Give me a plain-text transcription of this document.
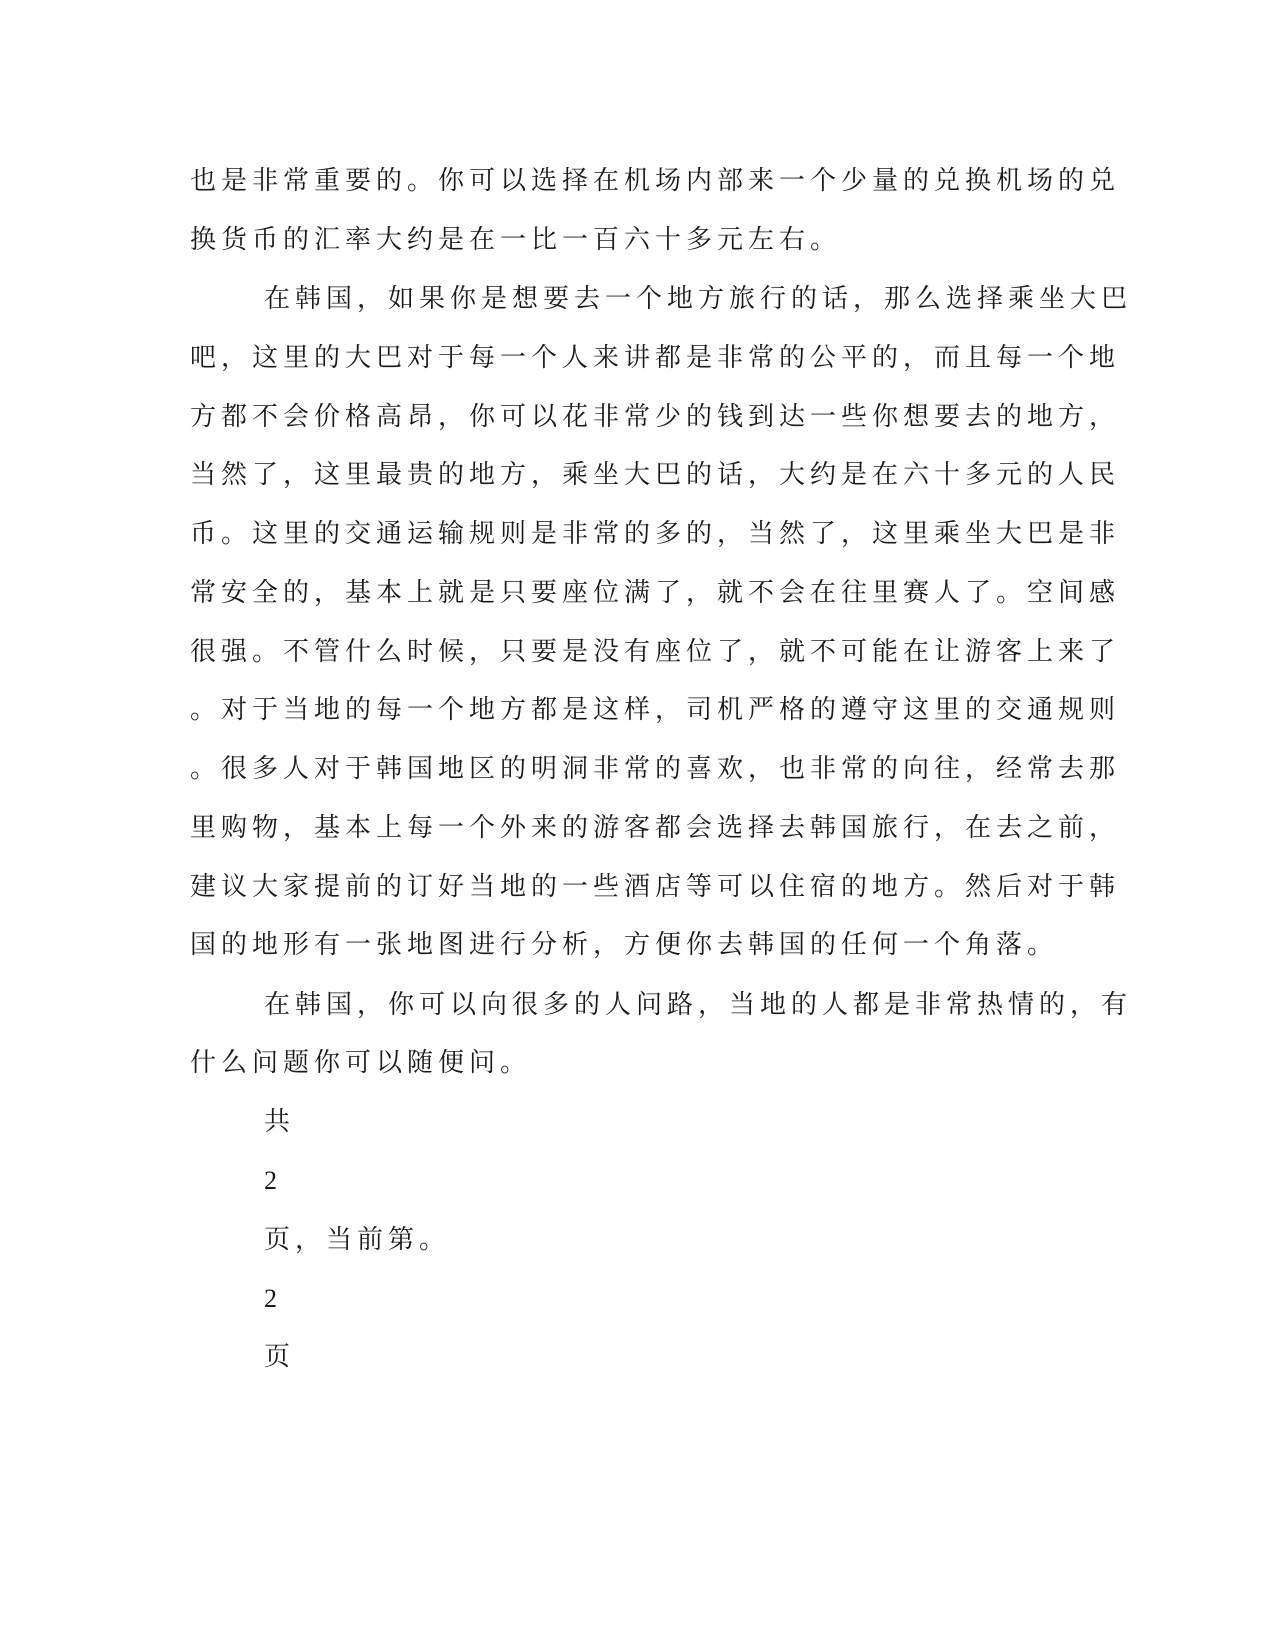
也是非常重要的。你可以选择在机场内部来一个少量的兑换机场的兑

换货币的汇率大约是在一比一百六十多元左右。

在韩国，如果你是想要去一个地方旅行的话，那么选择乘坐大巴

吧，这里的大巴对于每一个人来讲都是非常的公平的，而且每一个地

方都不会价格高昂，你可以花非常少的钱到达一些你想要去的地方，

当然了，这里最贵的地方，乘坐大巴的话，大约是在六十多元的人民

币。这里的交通运输规则是非常的多的，当然了，这里乘坐大巴是非

常安全的，基本上就是只要座位满了，就不会在往里赛人了。空间感

很强。不管什么时候，只要是没有座位了，就不可能在让游客上来了

。对于当地的每一个地方都是这样，司机严格的遵守这里的交通规则

。很多人对于韩国地区的明洞非常的喜欢，也非常的向往，经常去那

里购物，基本上每一个外来的游客都会选择去韩国旅行，在去之前，

建议大家提前的订好当地的一些酒店等可以住宿的地方。然后对于韩

国的地形有一张地图进行分析，方便你去韩国的任何一个角落。

在韩国，你可以向很多的人问路，当地的人都是非常热情的，有

什么问题你可以随便问。

共

2

页，当前第。

2

页
